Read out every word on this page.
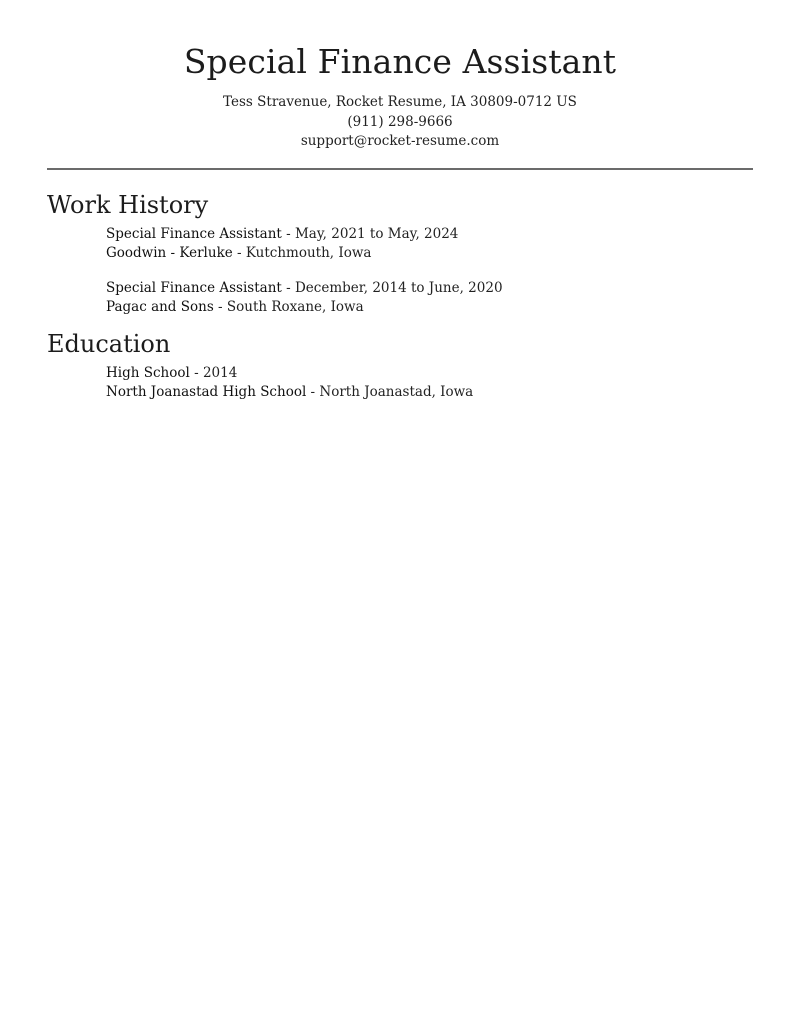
Special Finance Assistant
Tess Stravenue, Rocket Resume, IA 30809-0712 US
(911) 298-9666
support@rocket-resume.com
Work History
Special Finance Assistant - May, 2021 to May, 2024
Goodwin - Kerluke - Kutchmouth, Iowa
Special Finance Assistant - December, 2014 to June, 2020
Pagac and Sons - South Roxane, Iowa
Education
High School - 2014
North Joanastad High School - North Joanastad, Iowa
